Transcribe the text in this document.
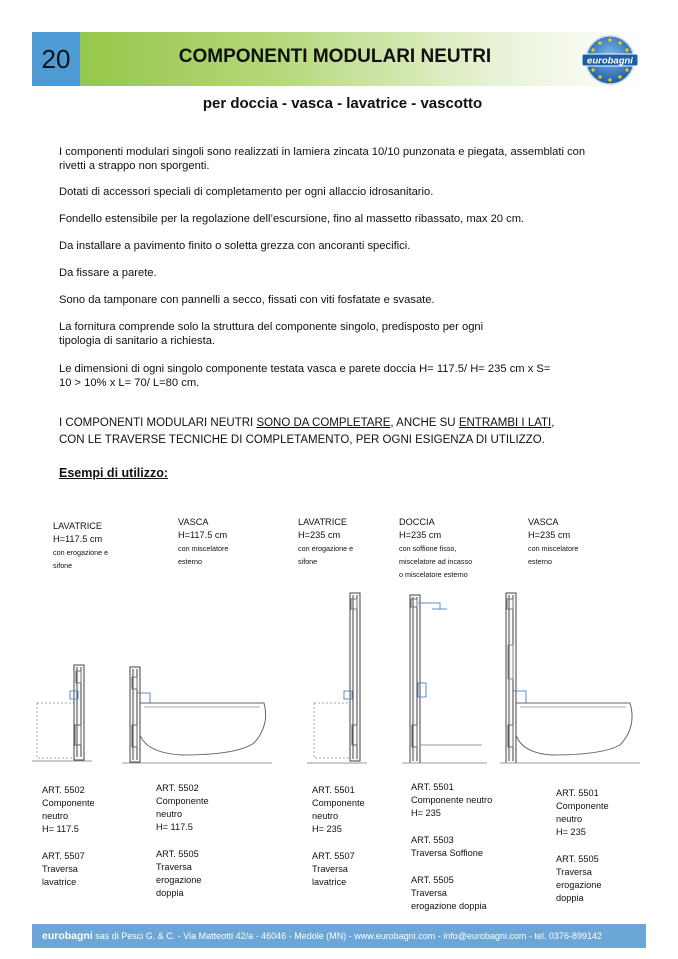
20	COMPONENTI MODULARI NEUTRI	eurobagni
per doccia - vasca - lavatrice - vascotto

I componenti modulari singoli sono realizzati in lamiera zincata 10/10 punzonata e piegata, assemblati con rivetti a strappo non sporgenti.

Dotati di accessori speciali di completamento per ogni allaccio idrosanitario.

Fondello estensibile per la regolazione dell’escursione, fino al massetto ribassato, max 20 cm.

Da installare a pavimento finito o soletta grezza con ancoranti specifici.

Da fissare a parete.

Sono da tamponare con pannelli a secco, fissati con viti fosfatate e svasate.

La fornitura comprende solo la struttura del componente singolo, predisposto per ogni tipologia di sanitario a richiesta.

Le dimensioni di ogni singolo componente testata vasca e parete doccia H= 117.5/ H= 235 cm x S= 10 > 10% x L= 70/ L=80 cm.

I COMPONENTI MODULARI NEUTRI SONO DA COMPLETARE, ANCHE SU ENTRAMBI I LATI,
CON LE TRAVERSE TECNICHE DI COMPLETAMENTO, PER OGNI ESIGENZA DI UTILIZZO.
Esempi di utilizzo:
LAVATRICE
H=117.5 cm
con erogazione e
sifone
VASCA
H=117.5 cm
con miscelatore
esterno
LAVATRICE
H=235 cm
con erogazione e
sifone
DOCCIA
H=235 cm
con soffione fisso,
miscelatore ad incasso
o miscelatore esterno
VASCA
H=235 cm
con miscelatore
esterno
ART. 5502
Componente
neutro
H= 117.5
ART. 5507
Traversa
lavatrice
ART. 5502
Componente
neutro
H= 117.5
ART. 5505
Traversa
erogazione
doppia
ART. 5501
Componente
neutro
H= 235
ART. 5507
Traversa
lavatrice
ART. 5501
Componente neutro
H= 235
ART. 5503
Traversa Soffione
ART. 5505
Traversa
erogazione doppia
ART. 5501
Componente
neutro
H= 235
ART. 5505
Traversa
erogazione
doppia
eurobagni sas di Pesci G. & C. - Via Matteotti 42/a - 46046 - Medole (MN) - www.eurobagni.com - info@eurobagni.com - tel. 0376-899142
